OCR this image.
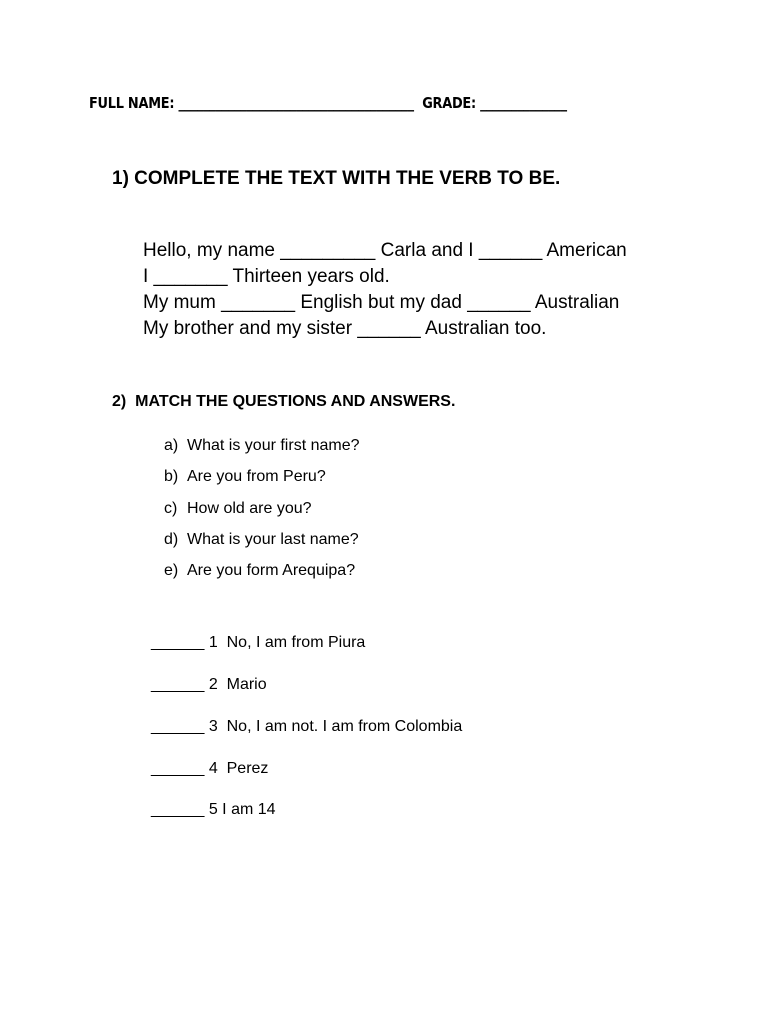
FULL NAME: ______________________________________  GRADE: ______________
1) COMPLETE THE TEXT WITH THE VERB TO BE.
Hello, my name _________ Carla and I ______ American
I _______ Thirteen years old.
My mum _______ English but my dad ______ Australian
My brother and my sister ______ Australian too.
2)  MATCH THE QUESTIONS AND ANSWERS.
a) What is your first name?
b) Are you from Peru?
c) How old are you?
d) What is your last name?
e) Are you form Arequipa?
______ 1  No, I am from Piura
______ 2  Mario
______ 3  No, I am not. I am from Colombia
______ 4  Perez
______ 5 I am 14
